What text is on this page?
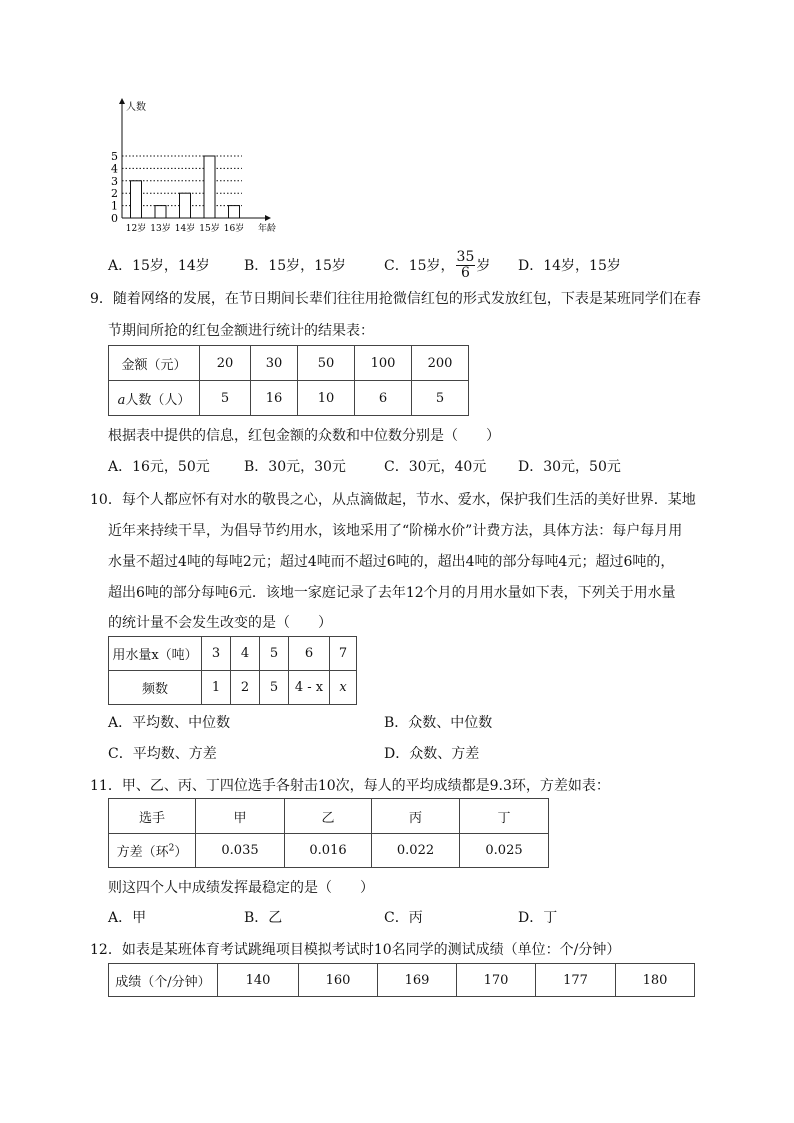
0
1
2
3
4
5
人数
12岁 13岁 14岁 15岁 16岁 年龄
A．15岁，14岁	B．15岁，15岁	C．15岁， $\frac{35}{6}$ 岁 D．14岁，15岁
9．随着网络的发展，在节日期间长辈们往往用抢微信红包的形式发放红包，下表是某班同学们在春
节期间所抢的红包金额进行统计的结果表：
金额（元）	20	30	50	100	200
a人数（人）	5	16	10	6	5
根据表中提供的信息，红包金额的众数和中位数分别是（　　）
A．16元，50元	B．30元，30元	C．30元，40元	D．30元，50元
10．每个人都应怀有对水的敬畏之心，从点滴做起，节水、爱水，保护我们生活的美好世界．某地
近年来持续干旱，为倡导节约用水，该地采用了“阶梯水价”计费方法，具体方法：每户每月用
水量不超过4吨的每吨2元；超过4吨而不超过6吨的，超出4吨的部分每吨4元；超过6吨的，
超出6吨的部分每吨6元．该地一家庭记录了去年12个月的月用水量如下表，下列关于用水量
的统计量不会发生改变的是（　　）
用水量x（吨）	3	4	5	6	7
频数	1	2	5	4 - x	x
A．平均数、中位数	B．众数、中位数
C．平均数、方差	D．众数、方差
11．甲、乙、丙、丁四位选手各射击10次，每人的平均成绩都是9.3环，方差如表：
选手	甲	乙	丙	丁
方差（环$^2$）	0.035	0.016	0.022	0.025
则这四个人中成绩发挥最稳定的是（　　）
A．甲	B．乙	C．丙	D．丁
12．如表是某班体育考试跳绳项目模拟考试时10名同学的测试成绩（单位：个/分钟）
成绩（个/分钟）	140	160	169	170	177	180
